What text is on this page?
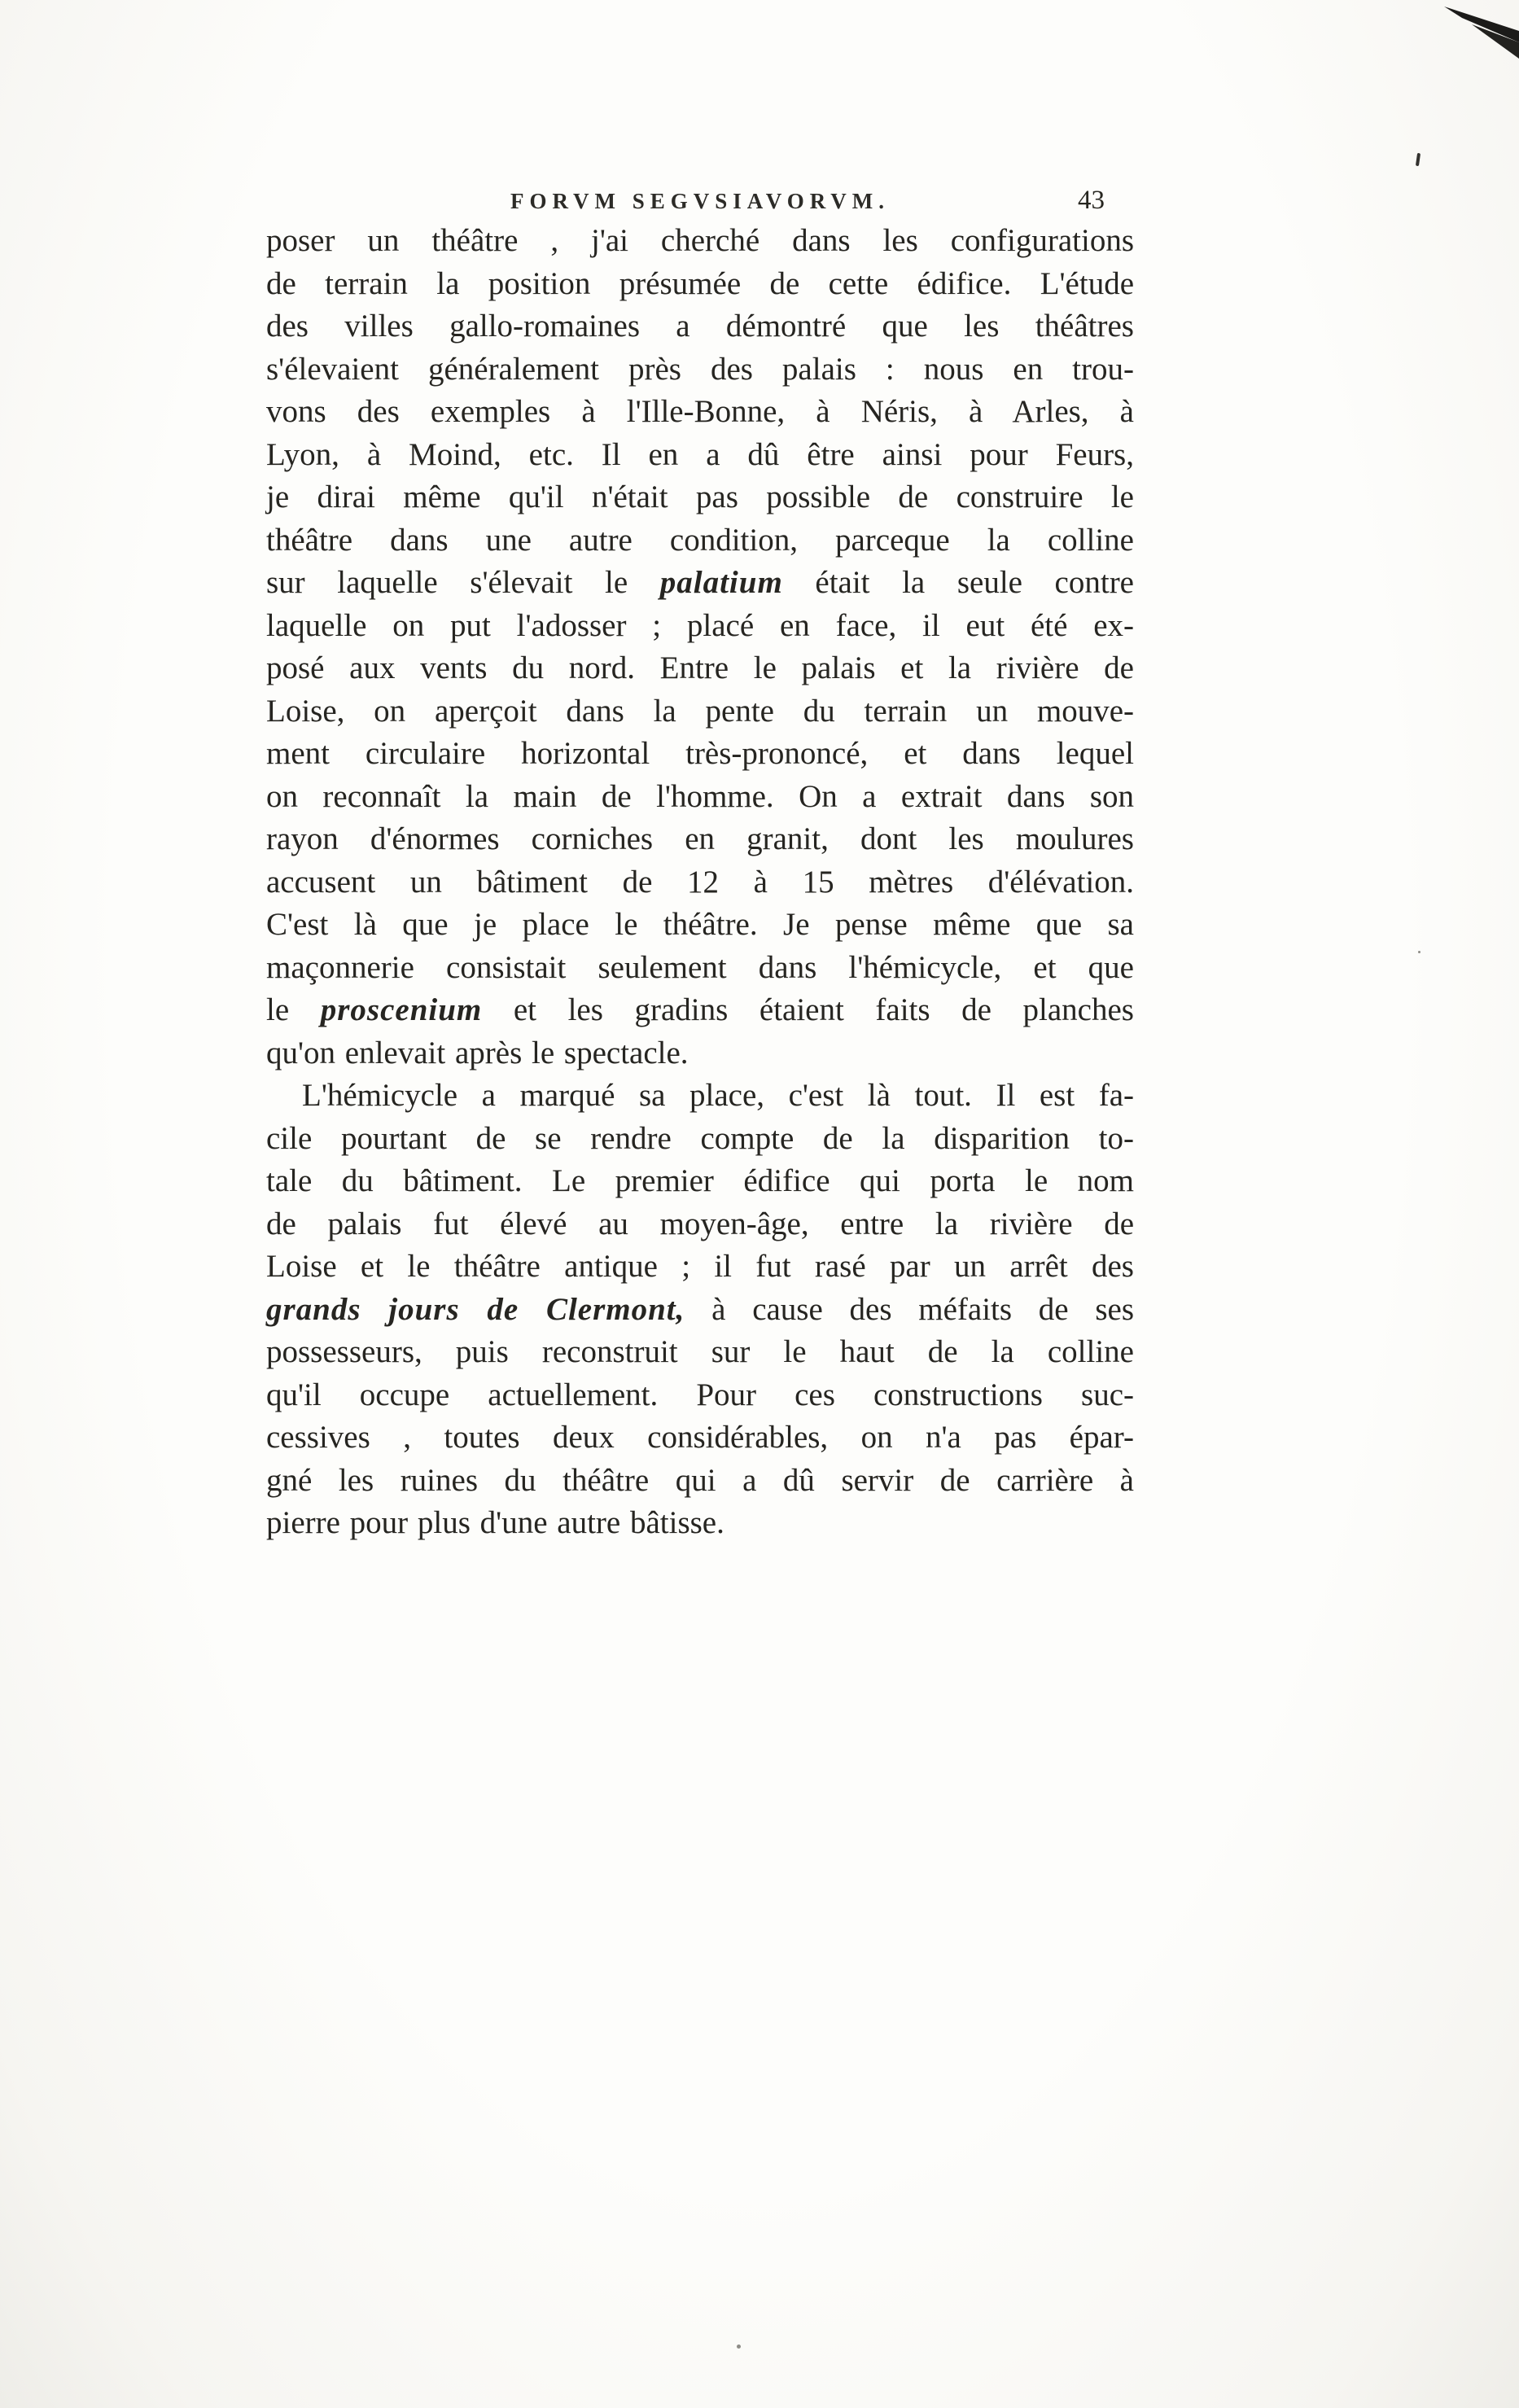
FORVM SEGVSIAVORVM.	43
poser un théâtre , j'ai cherché dans les configurations
de terrain la position présumée de cette édifice. L'étude
des villes gallo-romaines a démontré que les théâtres
s'élevaient généralement près des palais : nous en trou-
vons des exemples à l'Ille-Bonne, à Néris, à Arles, à
Lyon, à Moind, etc. Il en a dû être ainsi pour Feurs,
je dirai même qu'il n'était pas possible de construire le
théâtre dans une autre condition, parceque la colline
sur laquelle s'élevait le palatium était la seule contre
laquelle on put l'adosser ; placé en face, il eut été ex-
posé aux vents du nord. Entre le palais et la rivière de
Loise, on aperçoit dans la pente du terrain un mouve-
ment circulaire horizontal très-prononcé, et dans lequel
on reconnaît la main de l'homme. On a extrait dans son
rayon d'énormes corniches en granit, dont les moulures
accusent un bâtiment de 12 à 15 mètres d'élévation.
C'est là que je place le théâtre. Je pense même que sa
maçonnerie consistait seulement dans l'hémicycle, et que
le proscenium et les gradins étaient faits de planches
qu'on enlevait après le spectacle.
L'hémicycle a marqué sa place, c'est là tout. Il est fa-
cile pourtant de se rendre compte de la disparition to-
tale du bâtiment. Le premier édifice qui porta le nom
de palais fut élevé au moyen-âge, entre la rivière de
Loise et le théâtre antique ; il fut rasé par un arrêt des
grands jours de Clermont, à cause des méfaits de ses
possesseurs, puis reconstruit sur le haut de la colline
qu'il occupe actuellement. Pour ces constructions suc-
cessives , toutes deux considérables, on n'a pas épar-
gné les ruines du théâtre qui a dû servir de carrière à
pierre pour plus d'une autre bâtisse.
